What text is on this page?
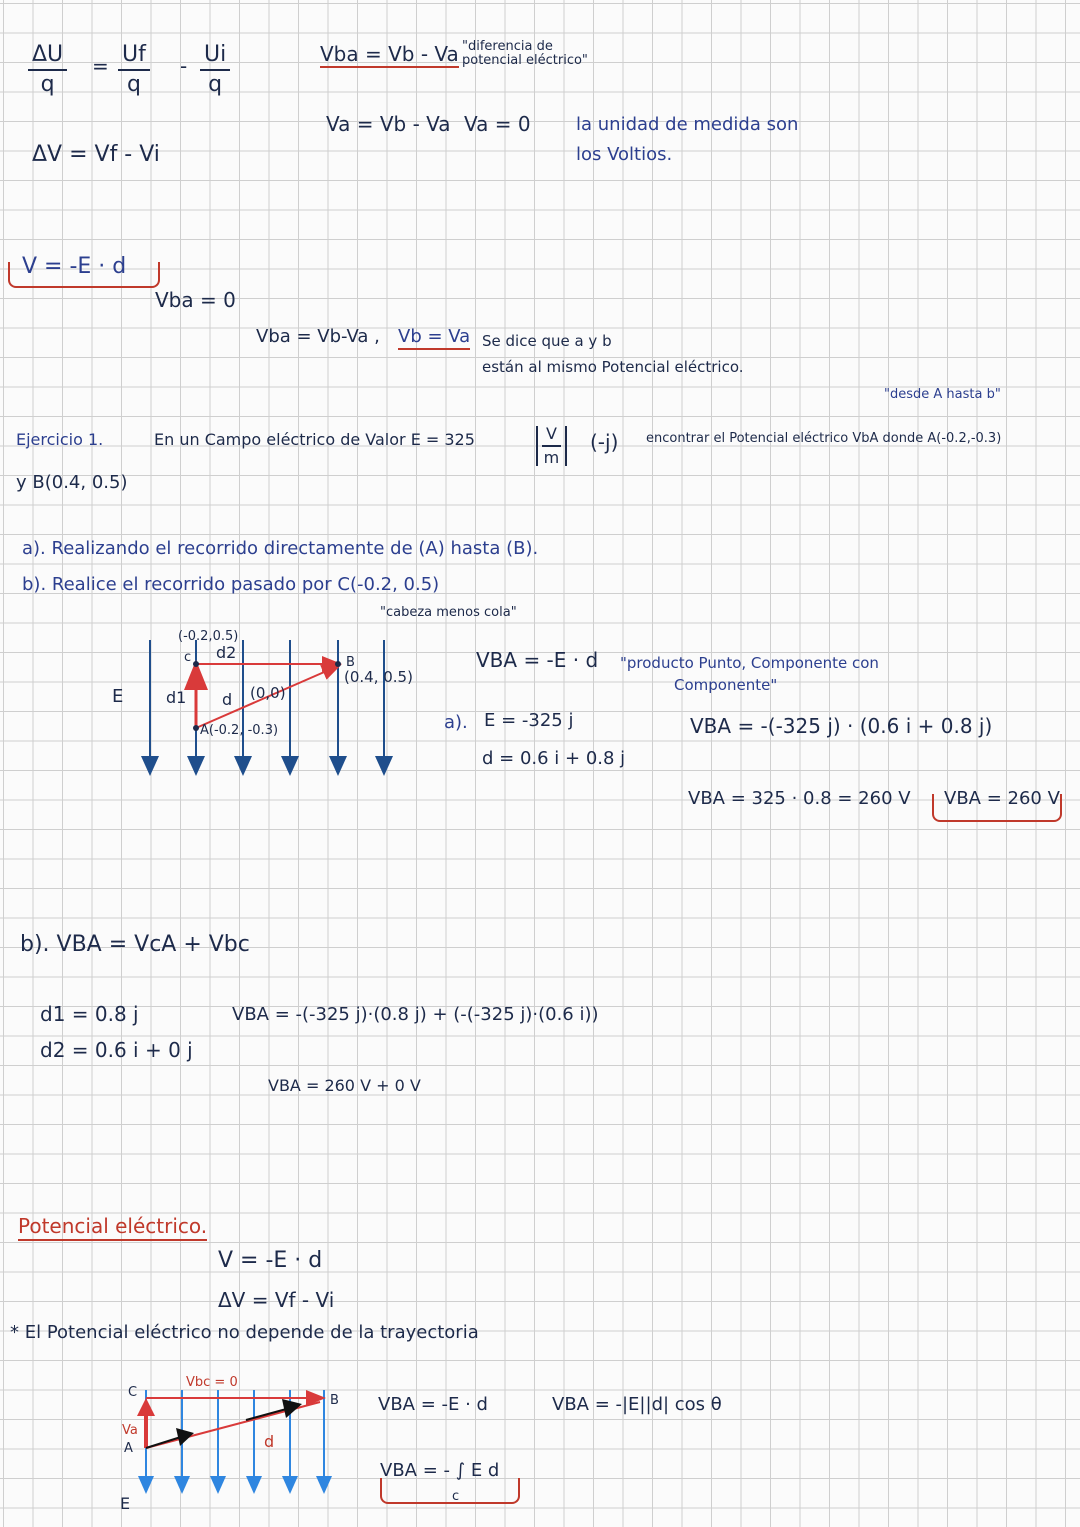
$\frac{\Delta U}{q} = \frac{Uf}{q} - \frac{Ui}{q}$
ΔV = Vf - Vi
Vba = Vb - Va "diferencia de potencial eléctrico"
Va = Vb - Va Va = 0	la unidad de medida son
los Voltios.
V = -E · d
Vba = 0
Vba = Vb-Va , Vb = Va Se dice que a y b
están al mismo Potencial eléctrico.
"desde A hasta b"
Ejercicio 1.	En un Campo eléctrico de Valor E = 325	$\frac{V}{m} (-j)$ encontrar el Potencial eléctrico VbA donde A(-0.2,-0.3)
y B(0.4, 0.5)
a). Realizando el recorrido directamente de (A) hasta (B).
b). Realice el recorrido pasado por C(-0.2, 0.5)
(-0.2,0.5)
c d2
E	d1 d (0,0)
A(-0.2, -0.3)
B
(0.4, 0.5)
"cabeza menos cola"
VBA = -E · d "producto Punto, Componente con
Componente"
a). E = -325 j
d = 0.6 i + 0.8 j
VBA = -(-325 j) · (0.6 i + 0.8 j)
VBA = 325 · 0.8 = 260 V VBA = 260 V
b). VBA = VcA + Vbc
d1 = 0.8 j
d2 = 0.6 i + 0 j
VBA = -(-325 j)·(0.8 j) + (-(-325 j)·(0.6 i))
VBA = 260 V + 0 V
Potencial eléctrico.
V = -E · d
ΔV = Vf - Vi
* El Potencial eléctrico no depende de la trayectoria
Vbc = 0
C
B
Va
A	d
E
VBA = -E · d	VBA = -|E||d| cos θ
VBA = - ∫ E d
c
